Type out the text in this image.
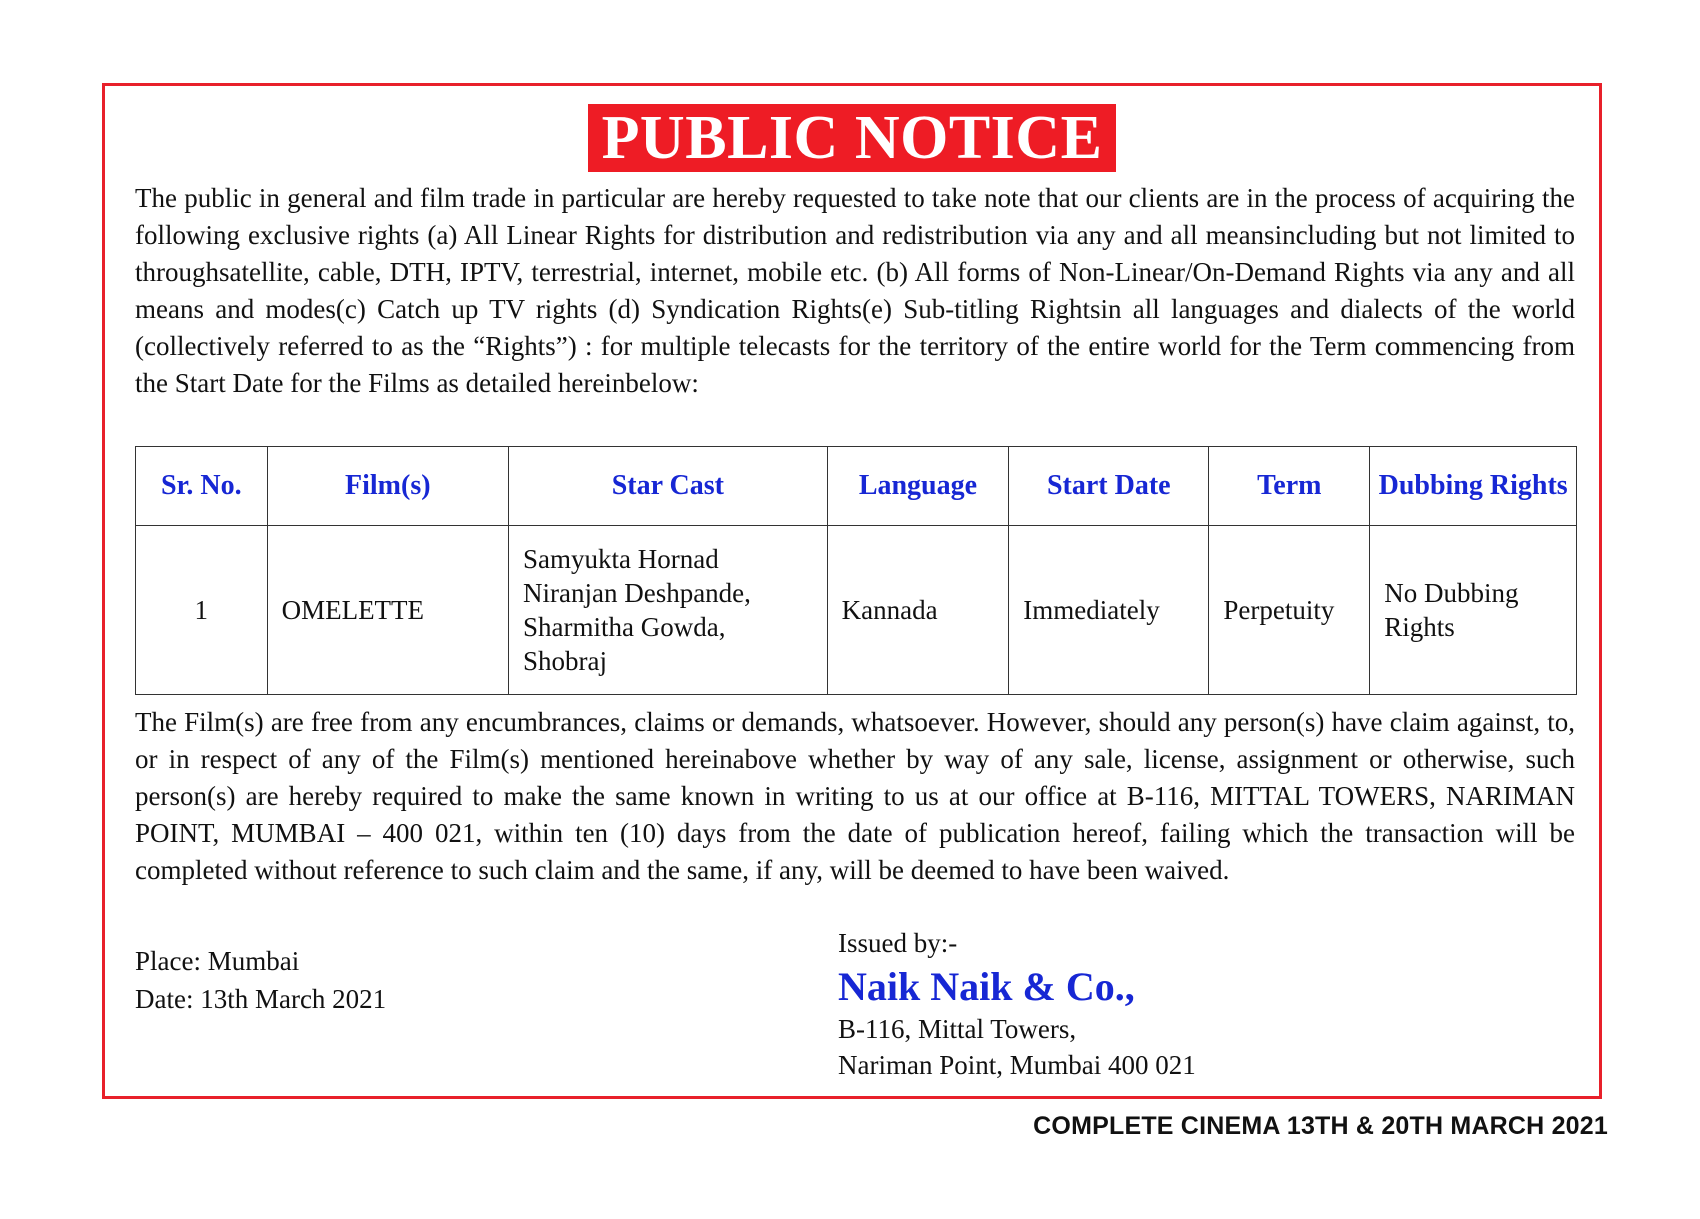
PUBLIC NOTICE

The public in general and film trade in particular are hereby requested to take note that our clients are in the process of acquiring the following exclusive rights (a) All Linear Rights for distribution and redistribution via any and all meansincluding but not limited to throughsatellite, cable, DTH, IPTV, terrestrial, internet, mobile etc. (b) All forms of Non-Linear/On-Demand Rights via any and all means and modes(c) Catch up TV rights (d) Syndication Rights(e) Sub-titling Rightsin all languages and dialects of the world (collectively referred to as the “Rights”) : for multiple telecasts for the territory of the entire world for the Term commencing from the Start Date for the Films as detailed hereinbelow:

Sr. No.	Film(s)	Star Cast	Language	Start Date	Term	Dubbing Rights
1	OMELETTE	Samyukta Hornad
Niranjan Deshpande,
Sharmitha Gowda,
Shobraj	Kannada	Immediately	Perpetuity	No Dubbing Rights

The Film(s) are free from any encumbrances, claims or demands, whatsoever. However, should any person(s) have claim against, to, or in respect of any of the Film(s) mentioned hereinabove whether by way of any sale, license, assignment or otherwise, such person(s) are hereby required to make the same known in writing to us at our office at B-116, MITTAL TOWERS, NARIMAN POINT, MUMBAI – 400 021, within ten (10) days from the date of publication hereof, failing which the transaction will be completed without reference to such claim and the same, if any, will be deemed to have been waived.

Place: Mumbai
Date: 13th March 2021
Issued by:-
Naik Naik & Co.,
B-116, Mittal Towers,
Nariman Point, Mumbai 400 021
COMPLETE CINEMA 13TH & 20TH MARCH 2021
